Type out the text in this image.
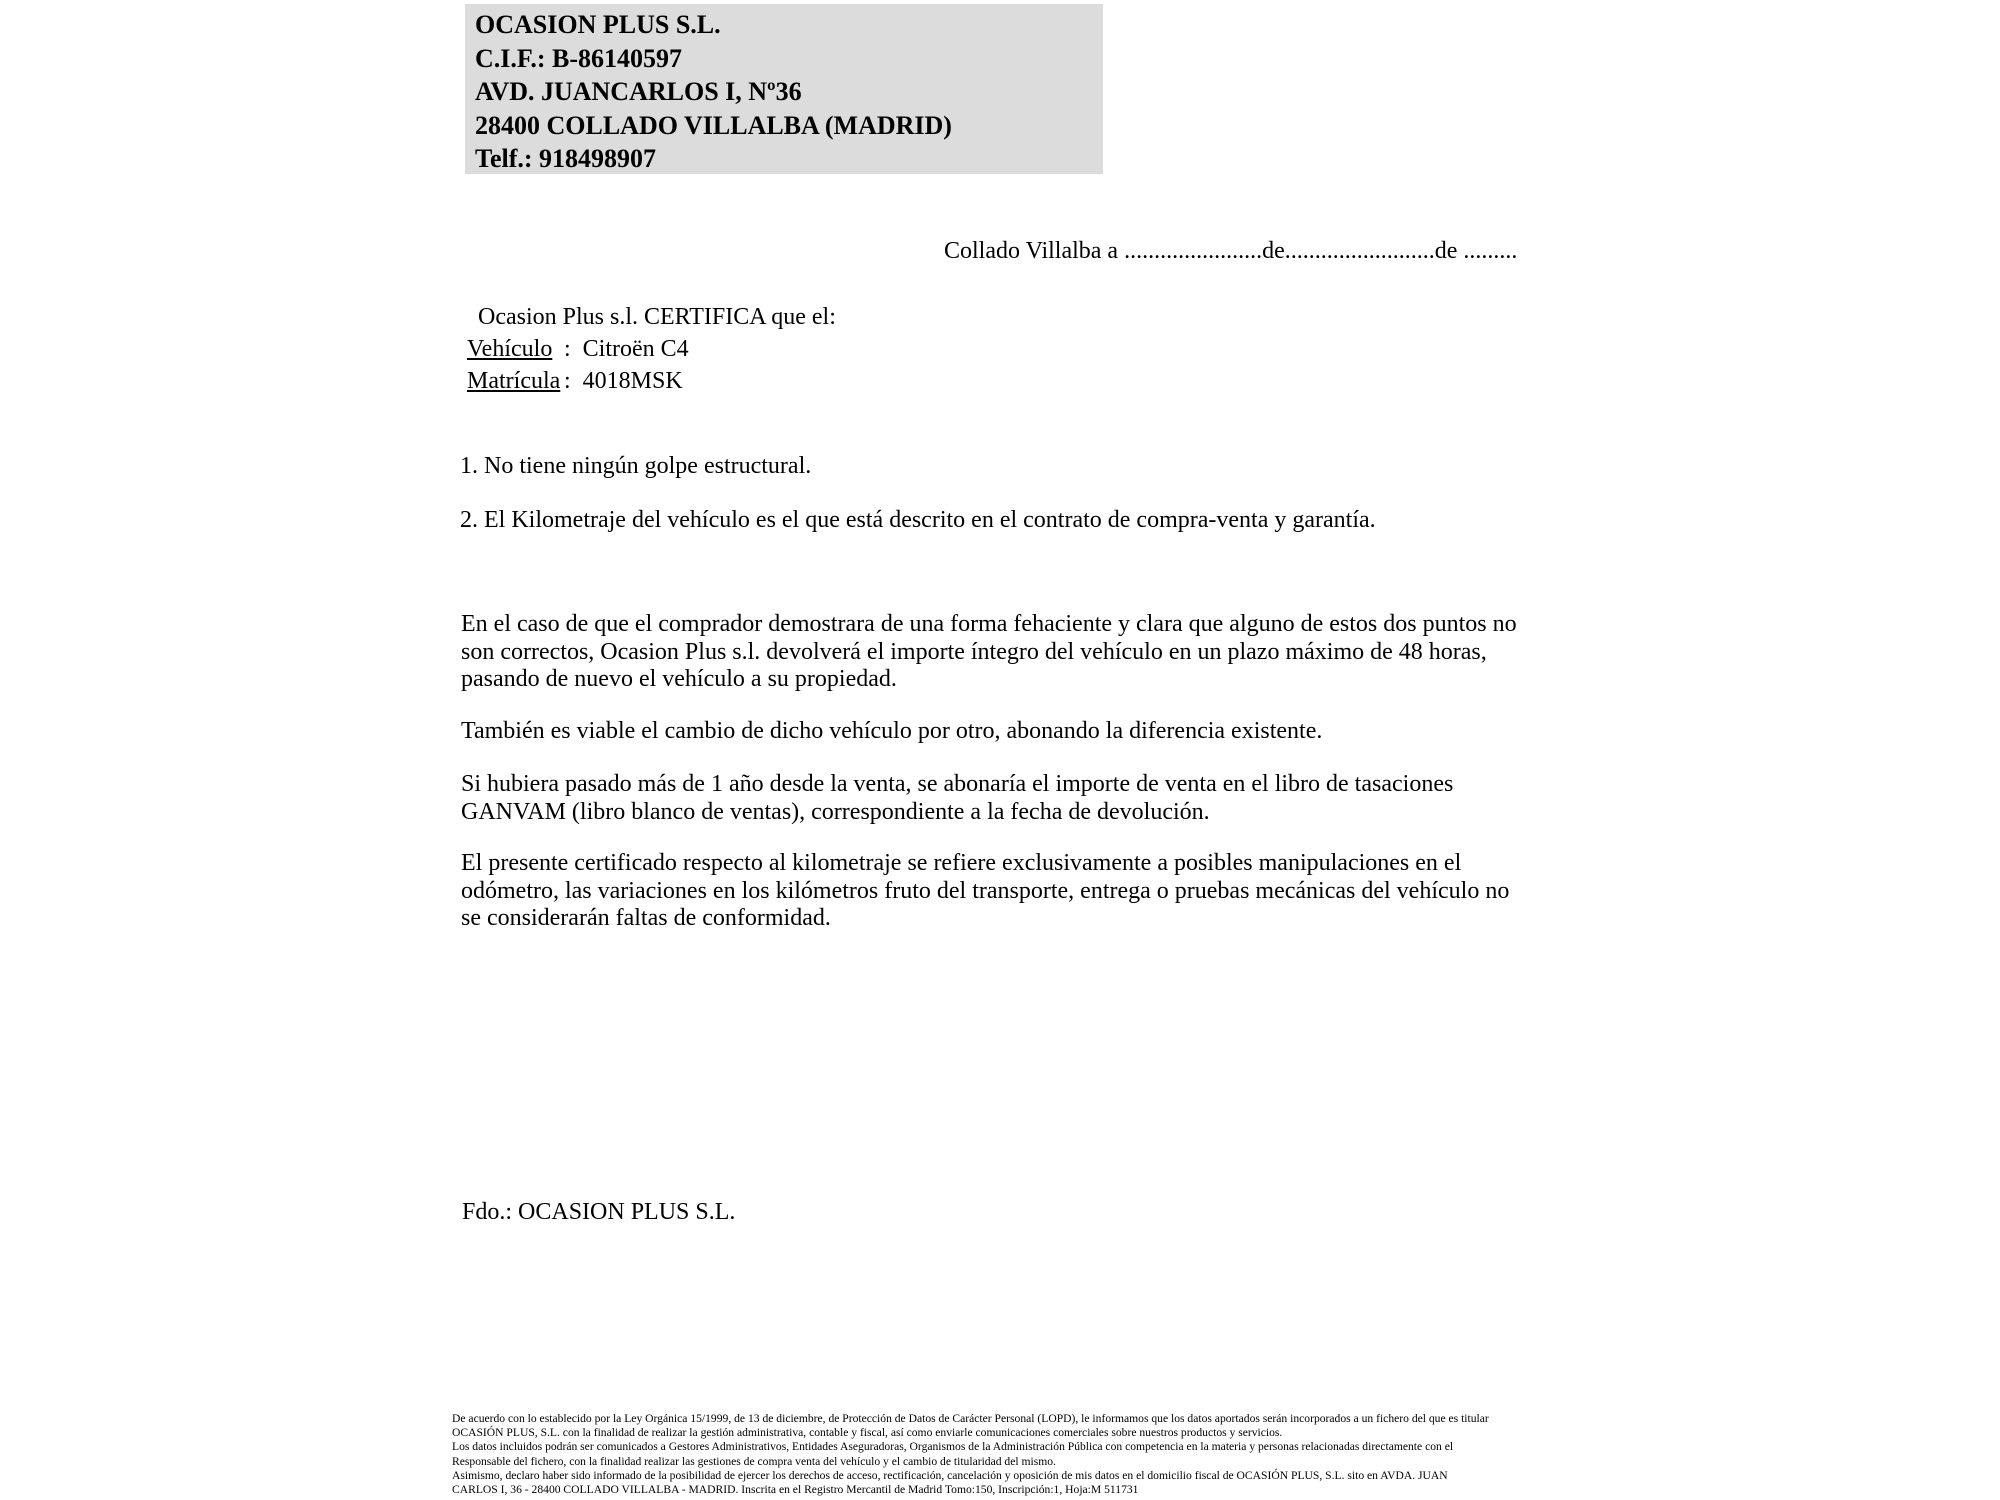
OCASION PLUS S.L.
C.I.F.: B-86140597
AVD. JUANCARLOS I, Nº36
28400 COLLADO VILLALBA (MADRID)
Telf.: 918498907
Collado Villalba a .......................de.........................de .........
Ocasion Plus s.l. CERTIFICA que el:
Vehículo : Citroën C4
Matrícula : 4018MSK
1. No tiene ningún golpe estructural.
2. El Kilometraje del vehículo es el que está descrito en el contrato de compra-venta y garantía.
En el caso de que el comprador demostrara de una forma fehaciente y clara que alguno de estos dos puntos no
son correctos, Ocasion Plus s.l. devolverá el importe íntegro del vehículo en un plazo máximo de 48 horas,
pasando de nuevo el vehículo a su propiedad.
También es viable el cambio de dicho vehículo por otro, abonando la diferencia existente.
Si hubiera pasado más de 1 año desde la venta, se abonaría el importe de venta en el libro de tasaciones
GANVAM (libro blanco de ventas), correspondiente a la fecha de devolución.
El presente certificado respecto al kilometraje se refiere exclusivamente a posibles manipulaciones en el
odómetro, las variaciones en los kilómetros fruto del transporte, entrega o pruebas mecánicas del vehículo no
se considerarán faltas de conformidad.
Fdo.: OCASION PLUS S.L.
De acuerdo con lo establecido por la Ley Orgánica 15/1999, de 13 de diciembre, de Protección de Datos de Carácter Personal (LOPD), le informamos que los datos aportados serán incorporados a un fichero del que es titular
OCASIÓN PLUS, S.L. con la finalidad de realizar la gestión administrativa, contable y fiscal, así como enviarle comunicaciones comerciales sobre nuestros productos y servicios.
Los datos incluidos podrán ser comunicados a Gestores Administrativos, Entidades Aseguradoras, Organismos de la Administración Pública con competencia en la materia y personas relacionadas directamente con el
Responsable del fichero, con la finalidad realizar las gestiones de compra venta del vehículo y el cambio de titularidad del mismo.
Asimismo, declaro haber sido informado de la posibilidad de ejercer los derechos de acceso, rectificación, cancelación y oposición de mis datos en el domicilio fiscal de OCASIÓN PLUS, S.L. sito en AVDA. JUAN
CARLOS I, 36 - 28400 COLLADO VILLALBA - MADRID. Inscrita en el Registro Mercantil de Madrid Tomo:150, Inscripción:1, Hoja:M 511731
